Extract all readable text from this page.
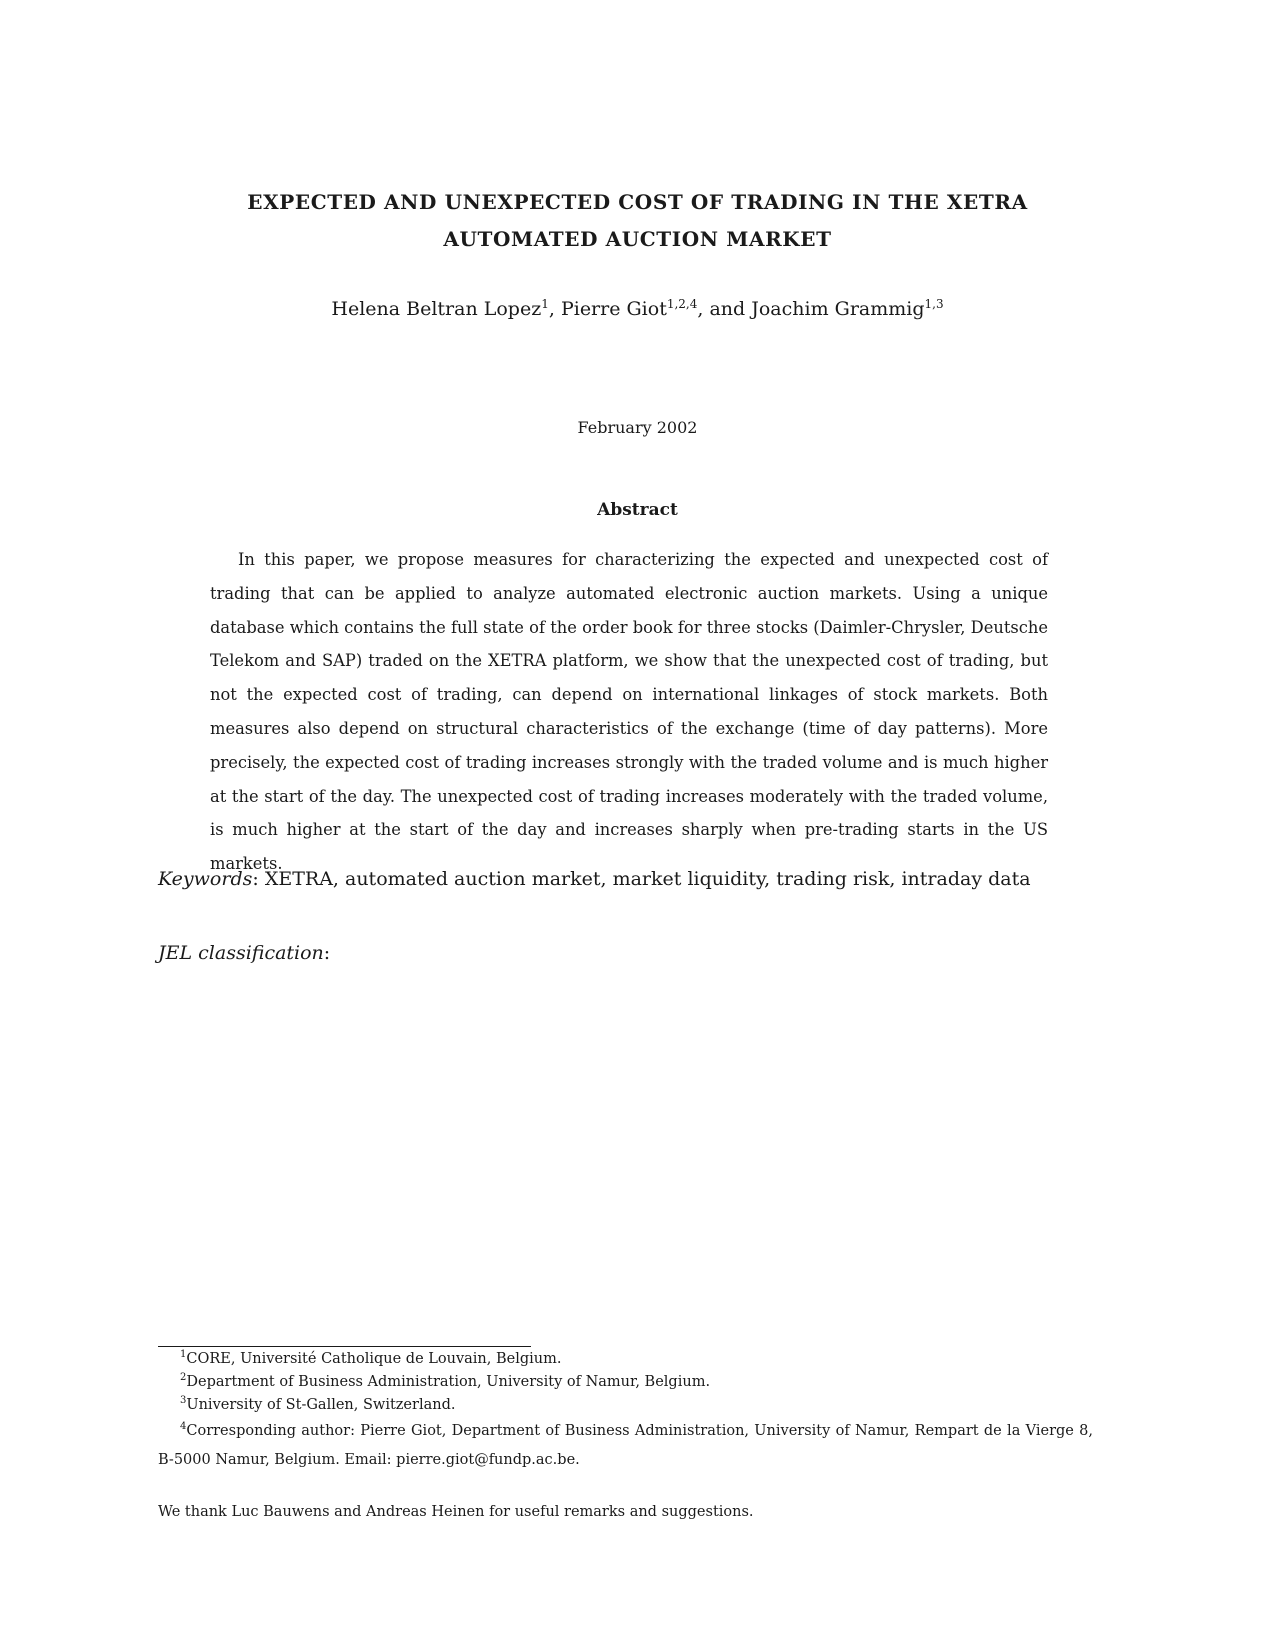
EXPECTED AND UNEXPECTED COST OF TRADING IN THE XETRA
AUTOMATED AUCTION MARKET
Helena Beltran Lopez$^1$, Pierre Giot$^{1,2,4}$, and Joachim Grammig$^{1,3}$
February 2002
Abstract
In this paper, we propose measures for characterizing the expected and unexpected cost of trading that can be applied to analyze automated electronic auction markets. Using a unique database which contains the full state of the order book for three stocks (Daimler-Chrysler, Deutsche Telekom and SAP) traded on the XETRA platform, we show that the unexpected cost of trading, but not the expected cost of trading, can depend on international linkages of stock markets. Both measures also depend on structural characteristics of the exchange (time of day patterns). More precisely, the expected cost of trading increases strongly with the traded volume and is much higher at the start of the day. The unexpected cost of trading increases moderately with the traded volume, is much higher at the start of the day and increases sharply when pre-trading starts in the US markets.
Keywords: XETRA, automated auction market, market liquidity, trading risk, intraday data
JEL classification:
$^1$CORE, Université Catholique de Louvain, Belgium.
$^2$Department of Business Administration, University of Namur, Belgium.
$^3$University of St-Gallen, Switzerland.
$^4$Corresponding author: Pierre Giot, Department of Business Administration, University of Namur, Rempart de la Vierge 8, B-5000 Namur, Belgium. Email: pierre.giot@fundp.ac.be.
We thank Luc Bauwens and Andreas Heinen for useful remarks and suggestions.
